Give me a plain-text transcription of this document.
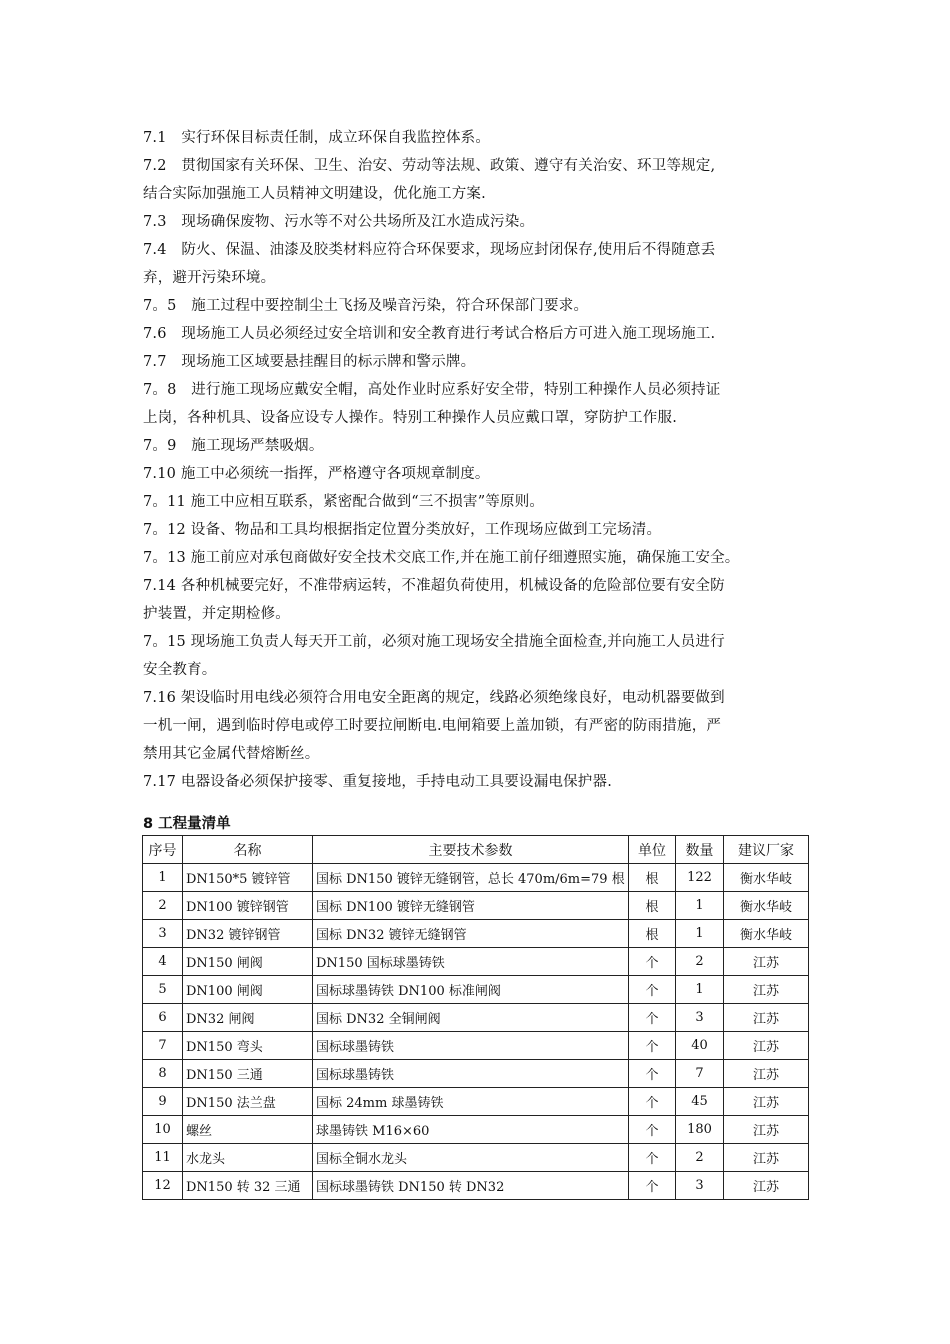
7.1　实行环保目标责任制，成立环保自我监控体系。
7.2　贯彻国家有关环保、卫生、治安、劳动等法规、政策、遵守有关治安、环卫等规定,
结合实际加强施工人员精神文明建设，优化施工方案.
7.3　现场确保废物、污水等不对公共场所及江水造成污染。
7.4　防火、保温、油漆及胶类材料应符合环保要求，现场应封闭保存,使用后不得随意丢
弃，避开污染环境。
7。5　施工过程中要控制尘土飞扬及噪音污染，符合环保部门要求。
7.6　现场施工人员必须经过安全培训和安全教育进行考试合格后方可进入施工现场施工.
7.7　现场施工区域要悬挂醒目的标示牌和警示牌。
7。8　进行施工现场应戴安全帽，高处作业时应系好安全带，特别工种操作人员必须持证
上岗，各种机具、设备应设专人操作。特别工种操作人员应戴口罩，穿防护工作服.
7。9　施工现场严禁吸烟。
7.10 施工中必须统一指挥，严格遵守各项规章制度。
7。11 施工中应相互联系，紧密配合做到“三不损害”等原则。
7。12 设备、物品和工具均根据指定位置分类放好，工作现场应做到工完场清。
7。13 施工前应对承包商做好安全技术交底工作,并在施工前仔细遵照实施，确保施工安全。
7.14 各种机械要完好，不准带病运转，不准超负荷使用，机械设备的危险部位要有安全防
护装置，并定期检修。
7。15 现场施工负责人每天开工前，必须对施工现场安全措施全面检查,并向施工人员进行
安全教育。
7.16 架设临时用电线必须符合用电安全距离的规定，线路必须绝缘良好，电动机器要做到
一机一闸，遇到临时停电或停工时要拉闸断电.电闸箱要上盖加锁，有严密的防雨措施，严
禁用其它金属代替熔断丝。
7.17 电器设备必须保护接零、重复接地，手持电动工具要设漏电保护器.
8 工程量清单
序号	名称	主要技术参数	单位	数量	建议厂家
1	DN150*5 镀锌管	国标 DN150 镀锌无缝钢管，总长 470m/6m=79 根	根	122	衡水华岐
2	DN100 镀锌钢管	国标 DN100 镀锌无缝钢管	根	1	衡水华岐
3	DN32 镀锌钢管	国标 DN32 镀锌无缝钢管	根	1	衡水华岐
4	DN150 闸阀	DN150 国标球墨铸铁	个	2	江苏
5	DN100 闸阀	国标球墨铸铁 DN100 标准闸阀	个	1	江苏
6	DN32 闸阀	国标 DN32 全铜闸阀	个	3	江苏
7	DN150 弯头	国标球墨铸铁	个	40	江苏
8	DN150 三通	国标球墨铸铁	个	7	江苏
9	DN150 法兰盘	国标 24mm 球墨铸铁	个	45	江苏
10	螺丝	球墨铸铁 M16×60	个	180	江苏
11	水龙头	国标全铜水龙头	个	2	江苏
12	DN150 转 32 三通	国标球墨铸铁 DN150 转 DN32	个	3	江苏
